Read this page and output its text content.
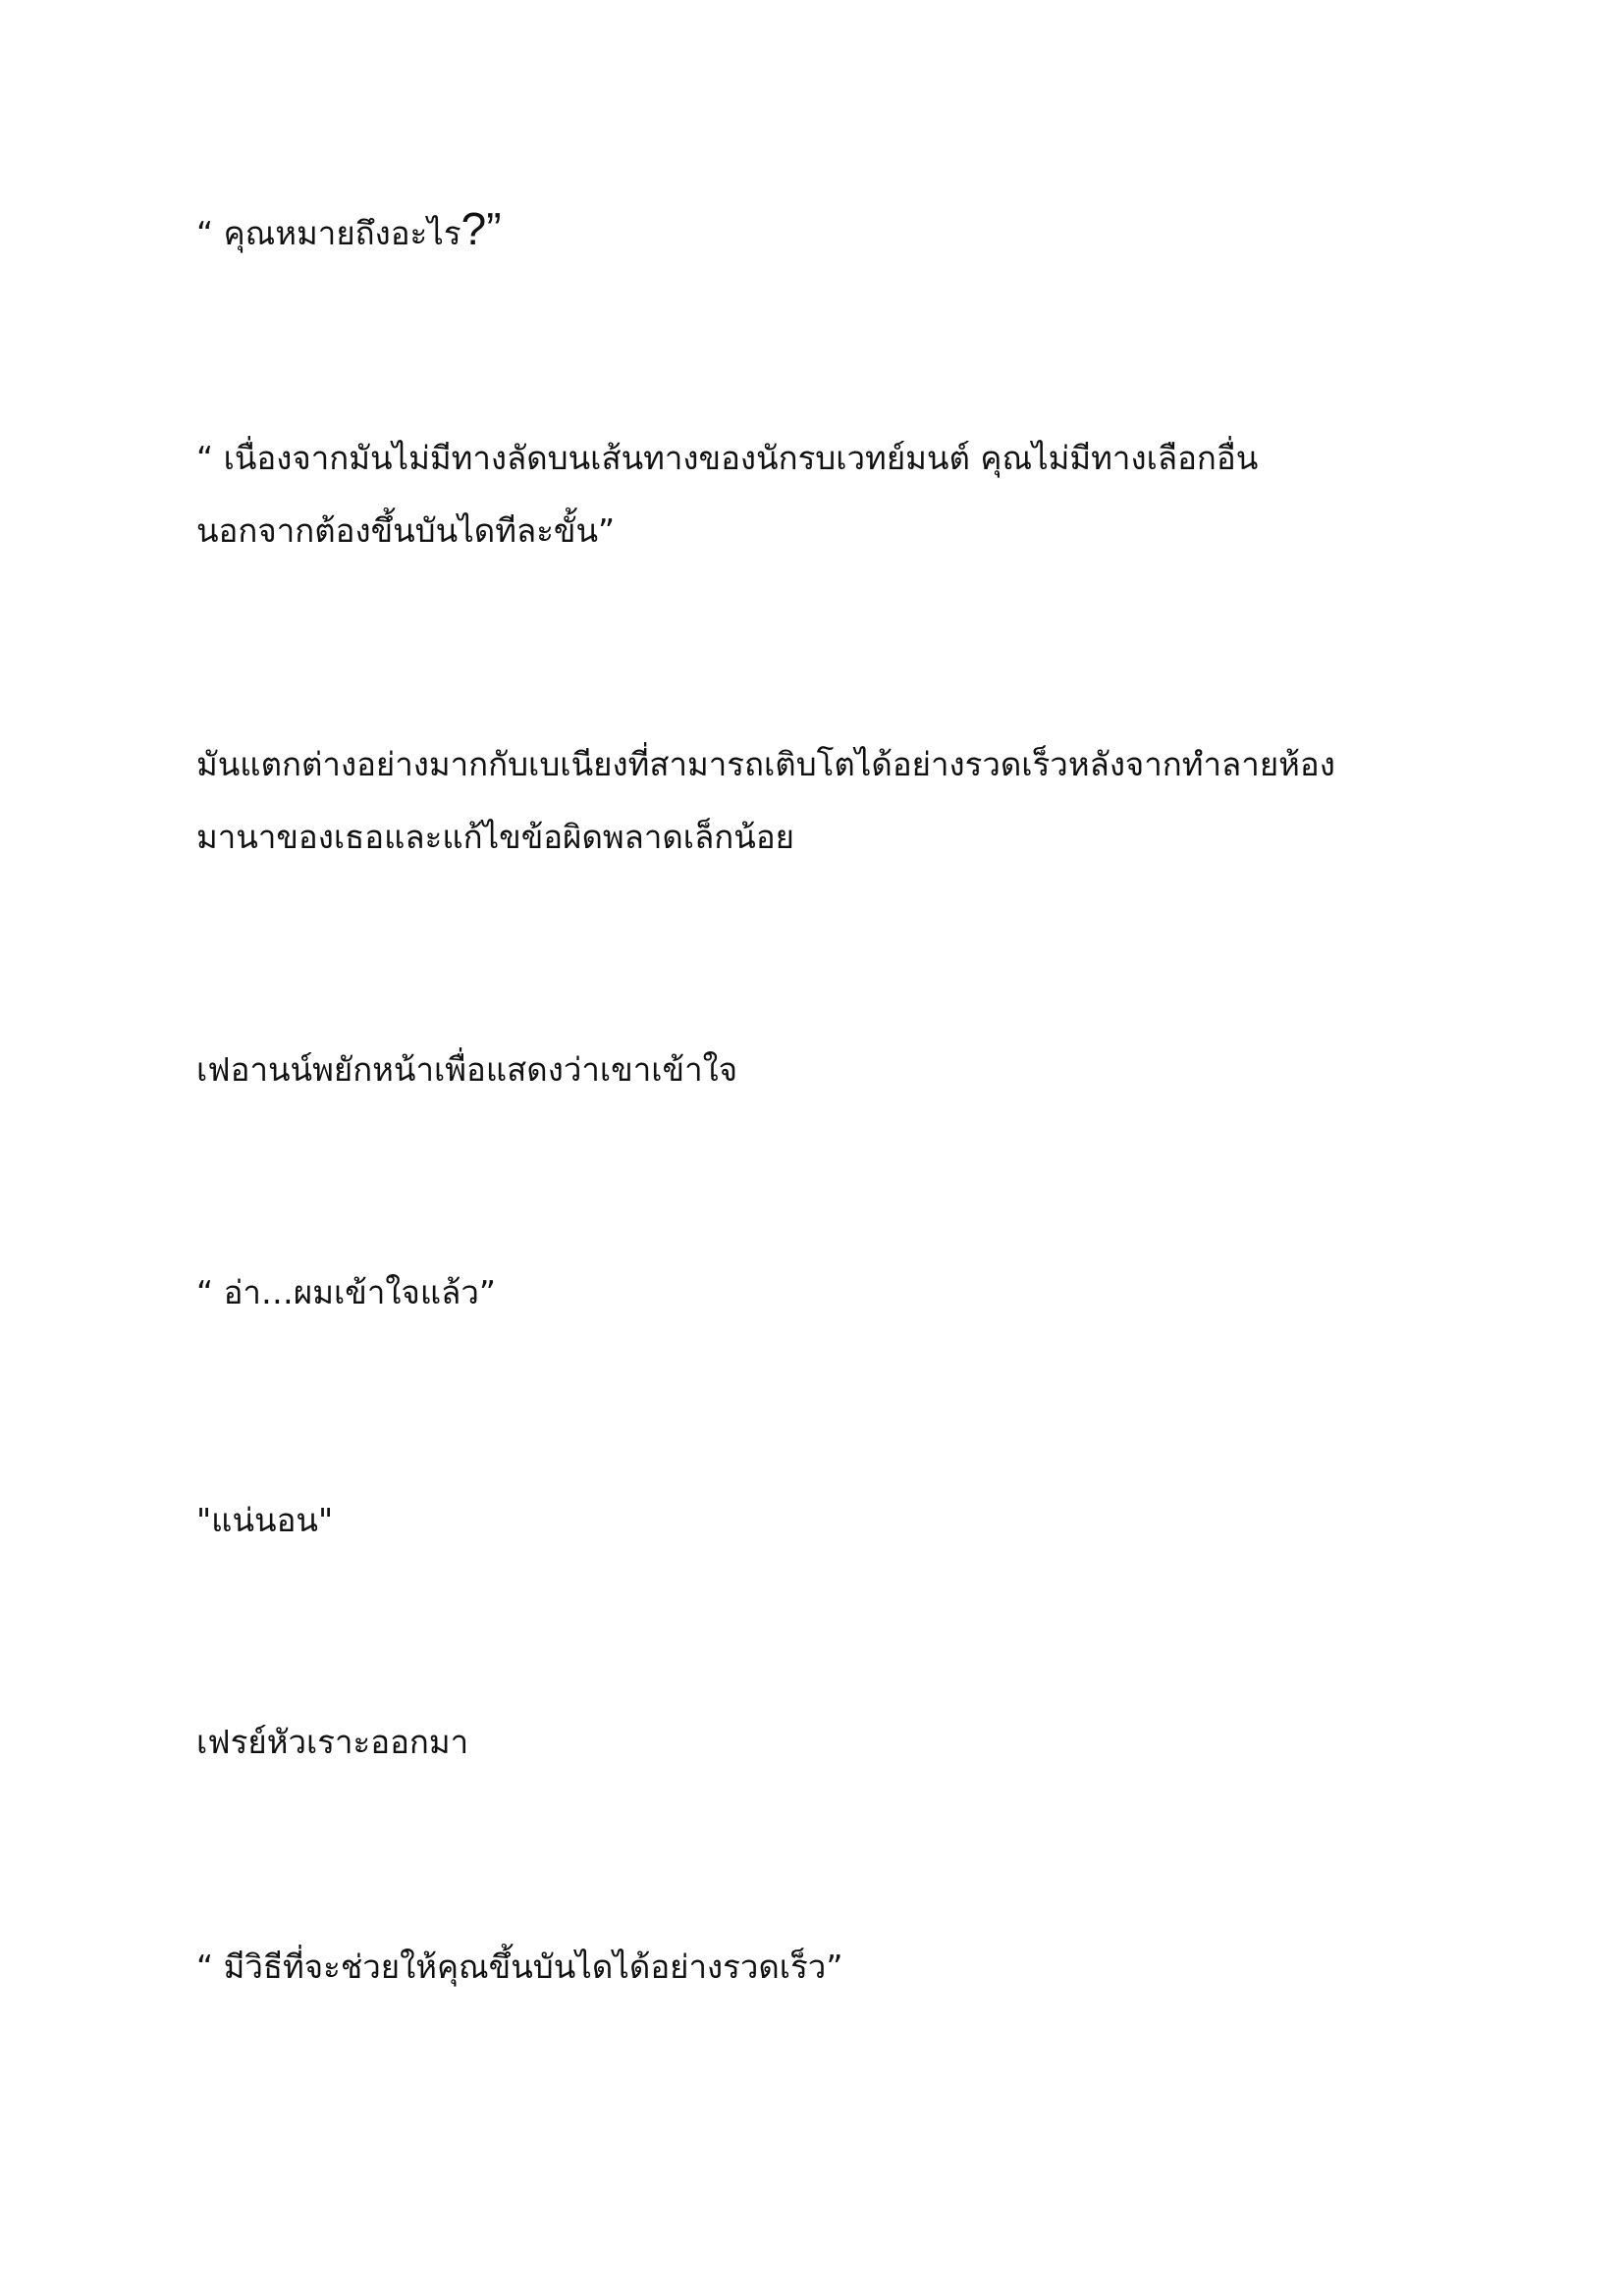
“ คุณหมายถึงอะไร?”

“ เนื่องจากมันไม่มีทางลัดบนเส้นทางของนักรบเวทย์มนต์ คุณไม่มีทางเลือกอื่น
นอกจากต้องขึ้นบันไดทีละขั้น”

มันแตกต่างอย่างมากกับเบเนียงที่สามารถเติบโตได้อย่างรวดเร็วหลังจากทำลายห้อง
มานาของเธอและแก้ไขข้อผิดพลาดเล็กน้อย

เฟอานน์พยักหน้าเพื่อแสดงว่าเขาเข้าใจ

“ อ่า…ผมเข้าใจแล้ว”

"แน่นอน"

เฟรย์หัวเราะออกมา

“ มีวิธีที่จะช่วยให้คุณขึ้นบันไดได้อย่างรวดเร็ว”
